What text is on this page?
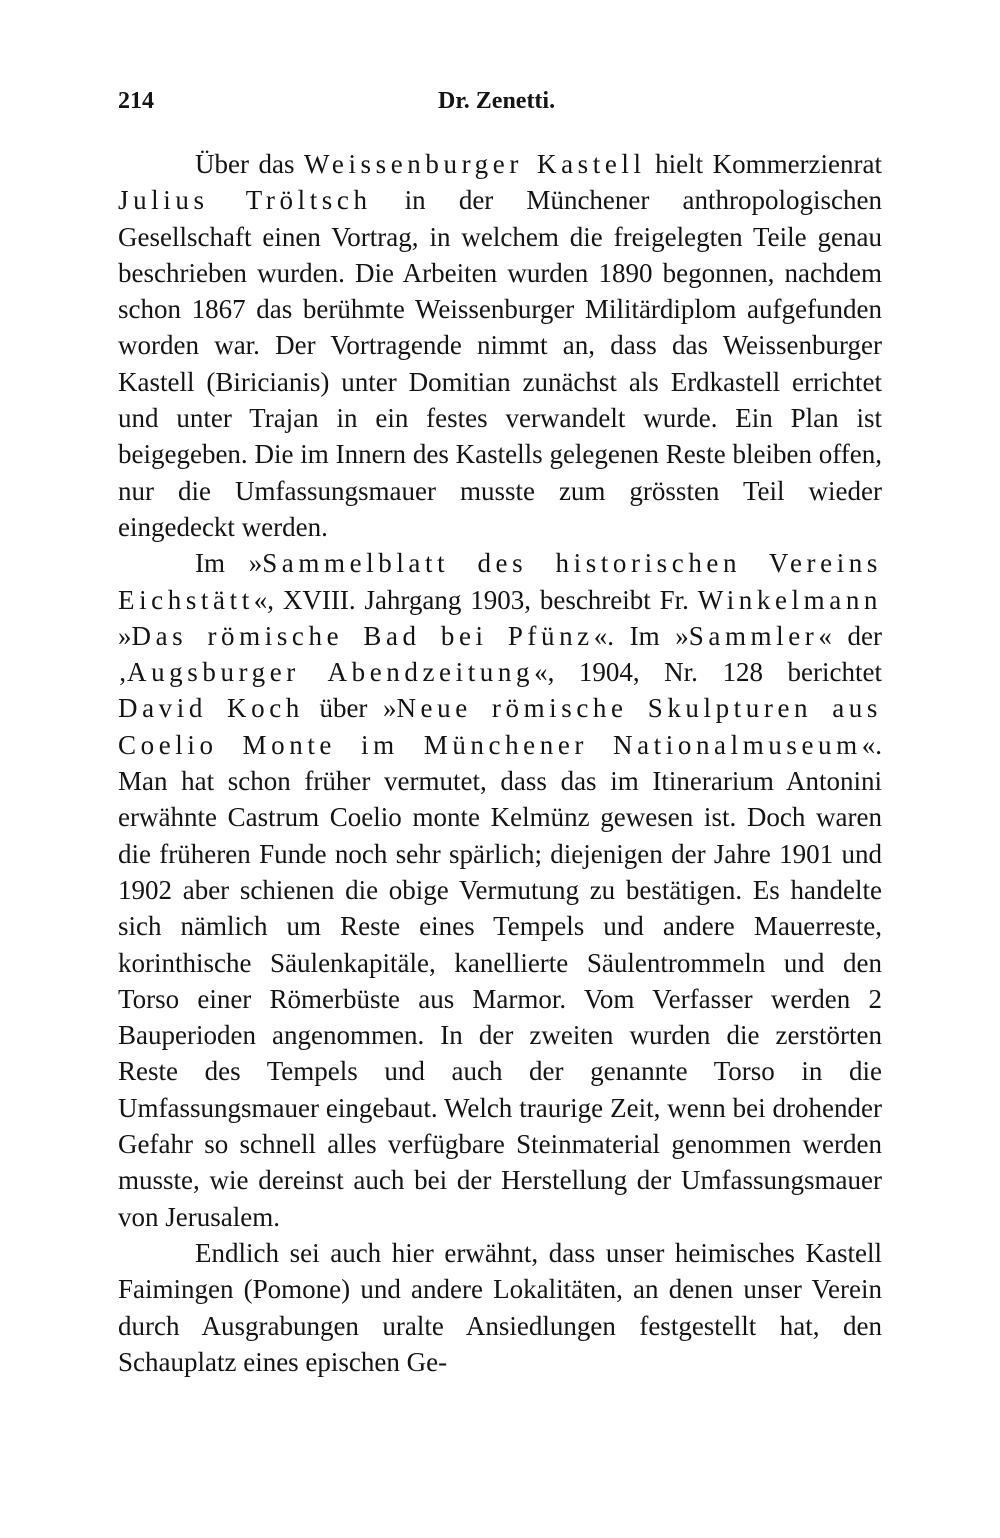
214	Dr. Zenetti.

Über das Weissenburger Kastell hielt Kommerzienrat Julius Tröltsch in der Münchener anthropologischen Gesellschaft einen Vortrag, in welchem die freigelegten Teile genau beschrieben wurden. Die Arbeiten wurden 1890 begonnen, nachdem schon 1867 das berühmte Weissenburger Militärdiplom aufgefunden worden war. Der Vortragende nimmt an, dass das Weissenburger Kastell (Biricianis) unter Domitian zunächst als Erdkastell errichtet und unter Trajan in ein festes verwandelt wurde. Ein Plan ist beigegeben. Die im Innern des Kastells gelegenen Reste bleiben offen, nur die Umfassungsmauer musste zum grössten Teil wieder eingedeckt werden.

Im »Sammelblatt des historischen Vereins Eichstätt«, XVIII. Jahrgang 1903, beschreibt Fr. Winkelmann »Das römische Bad bei Pfünz«. Im »Sammler« der ‚Augsburger Abendzeitung«, 1904, Nr. 128 berichtet David Koch über »Neue römische Skulpturen aus Coelio Monte im Münchener Nationalmuseum«. Man hat schon früher vermutet, dass das im Itinerarium Antonini erwähnte Castrum Coelio monte Kelmünz gewesen ist. Doch waren die früheren Funde noch sehr spärlich; diejenigen der Jahre 1901 und 1902 aber schienen die obige Vermutung zu bestätigen. Es handelte sich nämlich um Reste eines Tempels und andere Mauerreste, korinthische Säulenkapitäle, kanellierte Säulentrommeln und den Torso einer Römerbüste aus Marmor. Vom Verfasser werden 2 Bauperioden angenommen. In der zweiten wurden die zerstörten Reste des Tempels und auch der genannte Torso in die Umfassungsmauer eingebaut. Welch traurige Zeit, wenn bei drohender Gefahr so schnell alles verfügbare Steinmaterial genommen werden musste, wie dereinst auch bei der Herstellung der Umfassungsmauer von Jerusalem.

Endlich sei auch hier erwähnt, dass unser heimisches Kastell Faimingen (Pomone) und andere Lokalitäten, an denen unser Verein durch Ausgrabungen uralte Ansiedlungen festgestellt hat, den Schauplatz eines epischen Ge-
